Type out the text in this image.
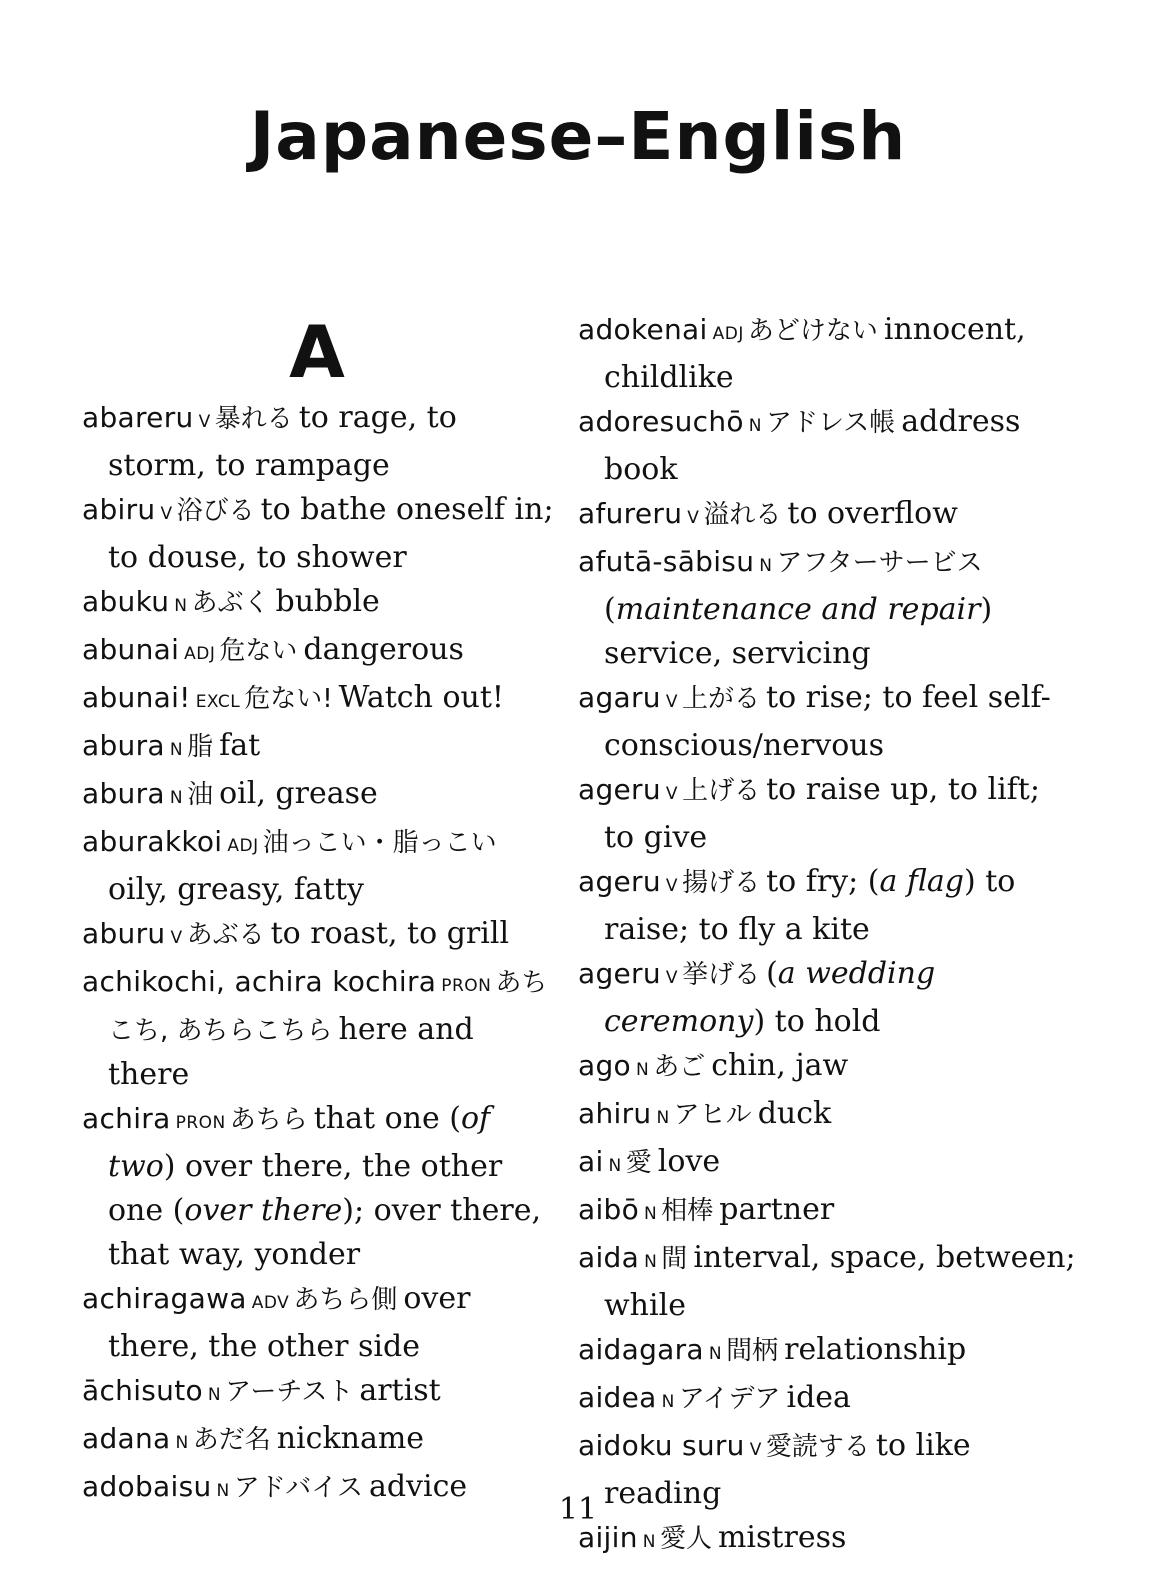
Japanese–English
A
abareru V 暴れる to rage, to storm, to rampage
abiru V 浴びる to bathe oneself in; to douse, to shower
abuku N あぶく bubble
abunai ADJ 危ない dangerous
abunai! EXCL 危ない! Watch out!
abura N 脂 fat
abura N 油 oil, grease
aburakkoi ADJ 油っこい・脂っこいoily, greasy, fatty
aburu V あぶる to roast, to grill
achikochi, achira kochira PRON あちこち, あちらこちら here and there
achira PRON あちら that one (of two) over there, the other one (over there); over there, that way, yonder
achiragawa ADV あちら側 over there, the other side
āchisuto N アーチスト artist
adana N あだ名 nickname
adobaisu N アドバイス advice
adokenai ADJ あどけない innocent, childlike
adoresuchō N アドレス帳 address book
afureru V 溢れる to overflow
afutā-sābisu N アフターサービス(maintenance and repair) service, servicing
agaru V 上がる to rise; to feel self-conscious/nervous
ageru V 上げる to raise up, to lift; to give
ageru V 揚げる to fry; (a flag) to raise; to fly a kite
ageru V 挙げる (a wedding ceremony) to hold
ago N あご chin, jaw
ahiru N アヒル duck
ai N 愛 love
aibō N 相棒 partner
aida N 間 interval, space, between; while
aidagara N 間柄 relationship
aidea N アイデア idea
aidoku suru V 愛読する to like reading
aijin N 愛人 mistress
11
